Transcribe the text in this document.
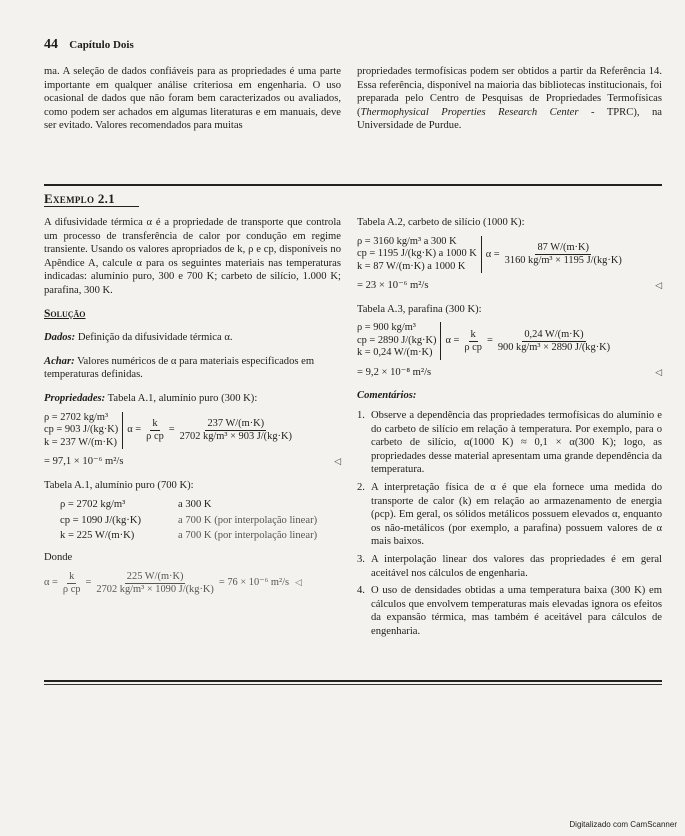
44 Capítulo Dois
ma. A seleção de dados confiáveis para as propriedades é uma parte importante em qualquer análise criteriosa em engenharia. O uso ocasional de dados que não foram bem caracterizados ou avaliados, como podem ser achados em algumas literaturas e em manuais, deve ser evitado. Valores recomendados para muitas
propriedades termofísicas podem ser obtidos a partir da Referência 14. Essa referência, disponível na maioria das bibliotecas institucionais, foi preparada pelo Centro de Pesquisas de Propriedades Termofísicas (Thermophysical Properties Research Center - TPRC), na Universidade de Purdue.
Exemplo 2.1

A difusividade térmica α é a propriedade de transporte que controla um processo de transferência de calor por condução em regime transiente. Usando os valores apropriados de k, ρ e cp, disponíveis no Apêndice A, calcule α para os seguintes materiais nas temperaturas indicadas: alumínio puro, 300 e 700 K; carbeto de silício, 1.000 K; parafina, 300 K.

Solução

Dados: Definição da difusividade térmica α.

Achar: Valores numéricos de α para materiais especificados em temperaturas definidas.

Propriedades: Tabela A.1, alumínio puro (300 K):

ρ = 2702 kg/m³
cp = 903 J/(kg·K)
k = 237 W/(m·K)
$\alpha = \frac{k}{\text{ρ cp}} = \frac{237 W/(m\cdot K)}{\text{2702 kg/m³ × 903 J/(kg·K)}}$
= 97,1 × 10⁻⁶ m²/s	◁

Tabela A.1, alumínio puro (700 K):

ρ = 2702 kg/m³	a 300 K
cp = 1090 J/(kg·K)	a 700 K (por interpolação linear)
k = 225 W/(m·K)	a 700 K (por interpolação linear)

Donde

$\alpha = \frac{k}{\text{ρ cp}} = \frac{225 W/(m\cdot K)}{\text{2702 kg/m³ × 1090 J/(kg·K)}} = 76 \times 10^{-6}$ m²/s ◁

Tabela A.2, carbeto de silício (1000 K):

ρ = 3160 kg/m³ a 300 K
cp = 1195 J/(kg·K) a 1000 K
k = 87 W/(m·K) a 1000 K
$\alpha = \frac{87 W/(m\cdot K)}{\text{3160 kg/m³ × 1195 J/(kg·K)}}$
= 23 × 10⁻⁶ m²/s	◁

Tabela A.3, parafina (300 K):

ρ = 900 kg/m³
cp = 2890 J/(kg·K)
k = 0,24 W/(m·K)
$\alpha = \frac{k}{\text{ρ cp}} = \frac{0,24 W/(m\cdot K)}{\text{900 kg/m³ × 2890 J/(kg·K)}}$
= 9,2 × 10⁻⁸ m²/s	◁

Comentários:

1. Observe a dependência das propriedades termofísicas do alumínio e do carbeto de silício em relação à temperatura. Por exemplo, para o carbeto de silício, α(1000 K) ≈ 0,1 × α(300 K); logo, as propriedades desse material apresentam uma grande dependência da temperatura.
2. A interpretação física de α é que ela fornece uma medida do transporte de calor (k) em relação ao armazenamento de energia (ρcp). Em geral, os sólidos metálicos possuem elevados α, enquanto os não-metálicos (por exemplo, a parafina) possuem valores de α mais baixos.
3. A interpolação linear dos valores das propriedades é em geral aceitável nos cálculos de engenharia.
4. O uso de densidades obtidas a uma temperatura baixa (300 K) em cálculos que envolvem temperaturas mais elevadas ignora os efeitos da expansão térmica, mas também é aceitável para cálculos de engenharia.
Digitalizado com CamScanner
